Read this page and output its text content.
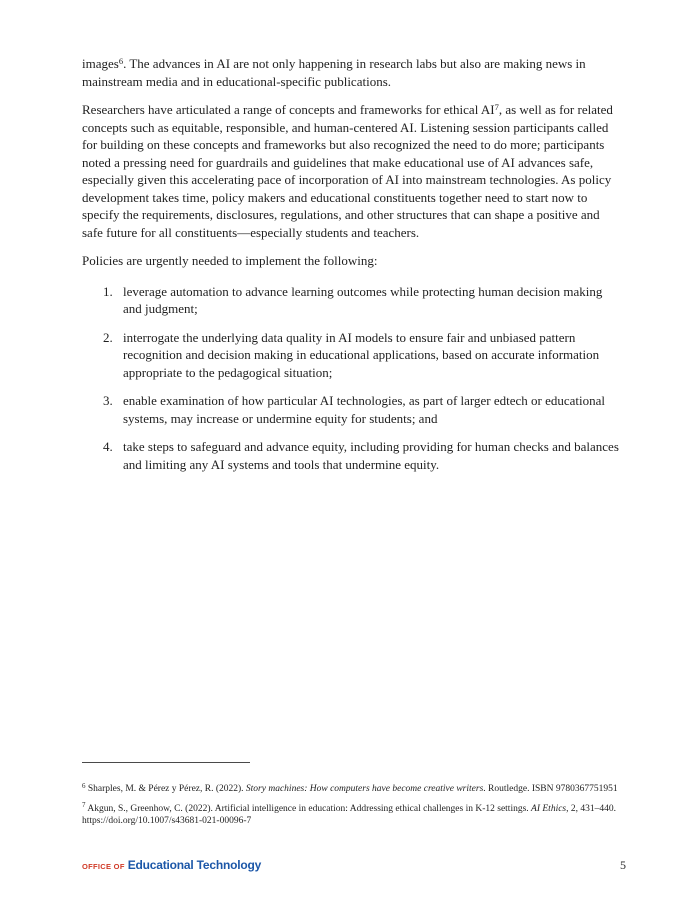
images$^6$. The advances in AI are not only happening in research labs but also are making news in mainstream media and in educational-specific publications.

Researchers have articulated a range of concepts and frameworks for ethical AI$^7$, as well as for related concepts such as equitable, responsible, and human-centered AI. Listening session participants called for building on these concepts and frameworks but also recognized the need to do more; participants noted a pressing need for guardrails and guidelines that make educational use of AI advances safe, especially given this accelerating pace of incorporation of AI into mainstream technologies. As policy development takes time, policy makers and educational constituents together need to start now to specify the requirements, disclosures, regulations, and other structures that can shape a positive and safe future for all constituents—especially students and teachers.

Policies are urgently needed to implement the following:

1. leverage automation to advance learning outcomes while protecting human decision making and judgment;
2. interrogate the underlying data quality in AI models to ensure fair and unbiased pattern recognition and decision making in educational applications, based on accurate information appropriate to the pedagogical situation;
3. enable examination of how particular AI technologies, as part of larger edtech or educational systems, may increase or undermine equity for students; and
4. take steps to safeguard and advance equity, including providing for human checks and balances and limiting any AI systems and tools that undermine equity.

$^6$ Sharples, M. & Pérez y Pérez, R. (2022). Story machines: How computers have become creative writers. Routledge. ISBN 9780367751951

$^7$ Akgun, S., Greenhow, C. (2022). Artificial intelligence in education: Addressing ethical challenges in K-12 settings. AI Ethics, 2, 431–440. https://doi.org/10.1007/s43681-021-00096-7

OFFICE OF Educational Technology	5
